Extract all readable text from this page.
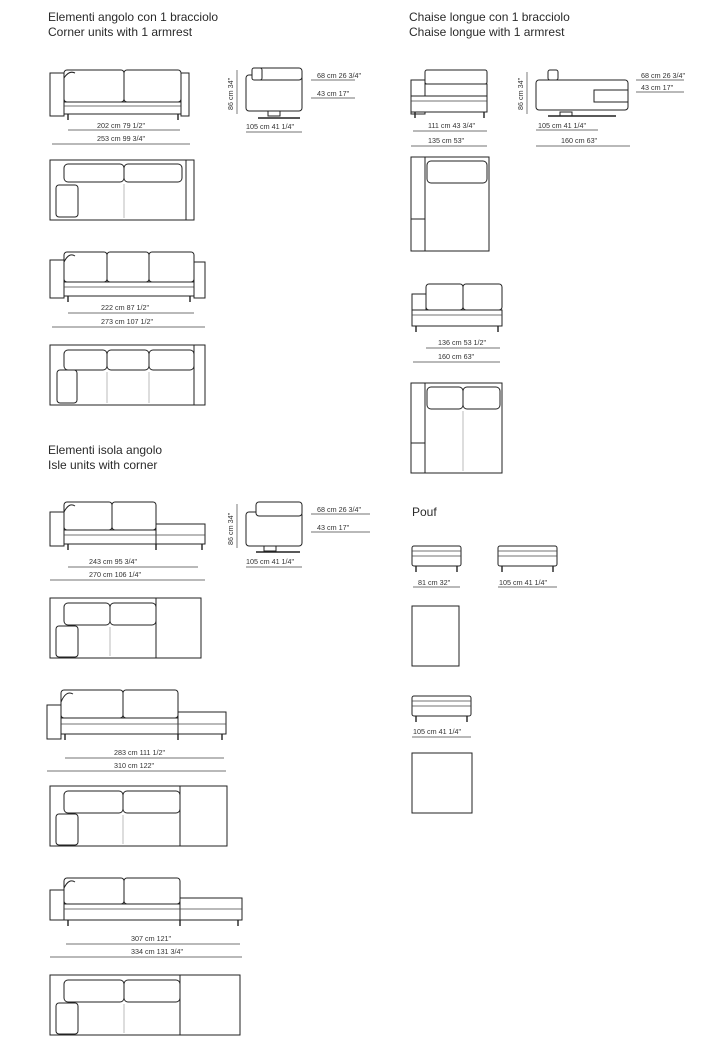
Elementi angolo con 1 bracciolo
Corner units with 1 armrest
Chaise longue con 1 bracciolo
Chaise longue with 1 armrest
Elementi isola angolo
Isle units with corner
Pouf
202 cm 79 1/2"
253 cm 99 3/4"
86 cm 34"
68 cm 26 3/4"
43 cm 17"
105 cm 41 1/4"
222 cm 87 1/2"
273 cm 107 1/2"
111 cm 43 3/4"
135 cm 53"
86 cm 34"
68 cm 26 3/4"
43 cm 17"
105 cm 41 1/4"
160 cm 63"
136 cm 53 1/2"
160 cm 63"
243 cm 95 3/4"
270 cm 106 1/4"
86 cm 34"
68 cm 26 3/4"
43 cm 17"
105 cm 41 1/4"
283 cm 111 1/2"
310 cm 122"
307 cm 121"
334 cm 131 3/4"
81 cm 32"	105 cm 41 1/4"
105 cm 41 1/4"
